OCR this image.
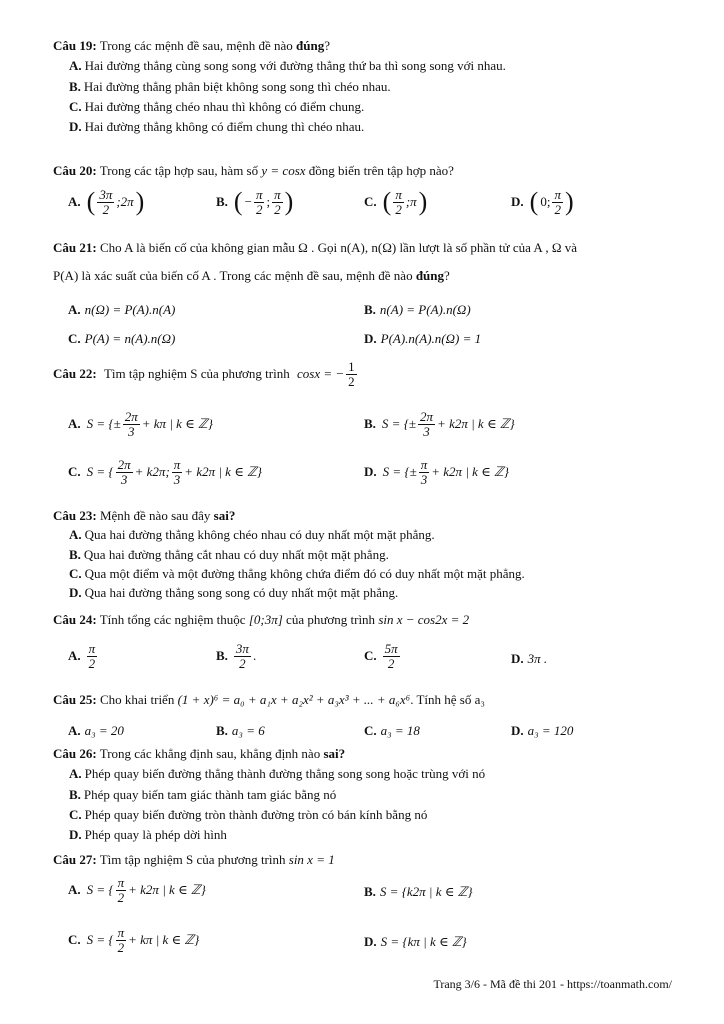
Câu 19: Trong các mệnh đề sau, mệnh đề nào đúng?
A. Hai đường thẳng cùng song song với đường thẳng thứ ba thì song song với nhau.
B. Hai đường thẳng phân biệt không song song thì chéo nhau.
C. Hai đường thẳng chéo nhau thì không có điểm chung.
D. Hai đường thẳng không có điểm chung thì chéo nhau.
Câu 20: Trong các tập hợp sau, hàm số y = cosx đồng biến trên tập hợp nào?
A. ( $\frac{3\pi}{2}$ ;2π )	B. ( − $\frac{\pi}{2}$ ; $\frac{\pi}{2}$ )	C. ( $\frac{\pi}{2}$ ;π )	D. ( 0; $\frac{\pi}{2}$ )
Câu 21: Cho A là biến cố của không gian mẫu Ω . Gọi n(A), n(Ω) lần lượt là số phần tử của A , Ω và
P(A) là xác suất của biến cố A . Trong các mệnh đề sau, mệnh đề nào đúng?
A. n(Ω) = P(A).n(A)	B. n(A) = P(A).n(Ω)
C. P(A) = n(A).n(Ω)	D. P(A).n(A).n(Ω) = 1
Câu 22:
Tìm tập nghiệm S của phương trình
cosx = − $\frac{1}{2}$
A. S = {± $\frac{2\pi}{3} + k\pi$ | k ∈ ℤ}	B. S = {± $\frac{2\pi}{3} + k2\pi$ | k ∈ ℤ}
C. S = { $\frac{2\pi}{3} + k2\pi$; $\frac{\pi}{3} + k2\pi$ | k ∈ ℤ}	D. S = {± $\frac{\pi}{3} + k2\pi$ | k ∈ ℤ}
Câu 23: Mệnh đề nào sau đây sai?
A. Qua hai đường thẳng không chéo nhau có duy nhất một mặt phẳng.
B. Qua hai đường thẳng cắt nhau có duy nhất một mặt phẳng.
C. Qua một điểm và một đường thẳng không chứa điểm đó có duy nhất một mặt phẳng.
D. Qua hai đường thẳng song song có duy nhất một mặt phẳng.
Câu 24: Tính tổng các nghiệm thuộc [0;3π] của phương trình sin x − cos2x = 2
A. $\frac{\pi}{2}$	B. $\frac{3\pi}{2}$ .	C. $\frac{5\pi}{2}$	D. 3π .
Câu 25: Cho khai triển (1 + x)⁶ = a₀ + a₁x + a₂x² + a₃x³ + ... + a₆x⁶. Tính hệ số a₃
A. a₃ = 20	B. a₃ = 6	C. a₃ = 18	D. a₃ = 120
Câu 26: Trong các khẳng định sau, khẳng định nào sai?
A. Phép quay biến đường thẳng thành đường thẳng song song hoặc trùng với nó
B. Phép quay biến tam giác thành tam giác bằng nó
C. Phép quay biến đường tròn thành đường tròn có bán kính bằng nó
D. Phép quay là phép dời hình
Câu 27: Tìm tập nghiệm S của phương trình sin x = 1
A. S = { $\frac{\pi}{2} + k2\pi$ | k ∈ ℤ}	B. S = {k2π | k ∈ ℤ}
C. S = { $\frac{\pi}{2} + k\pi$ | k ∈ ℤ}	D. S = {kπ | k ∈ ℤ}
Trang 3/6 - Mã đề thi 201 - https://toanmath.com/
